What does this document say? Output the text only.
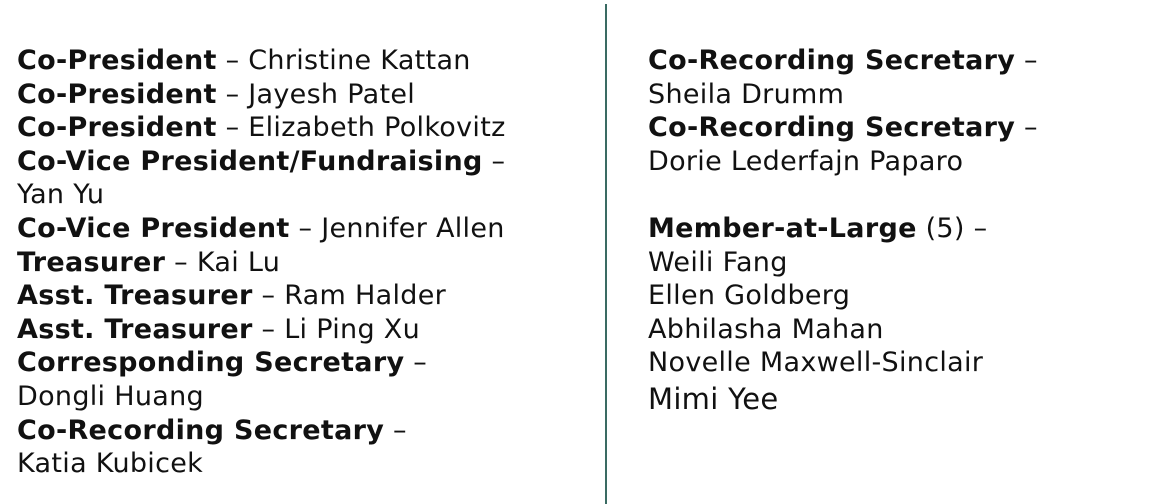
Co-President – Christine Kattan
Co-President – Jayesh Patel
Co-President – Elizabeth Polkovitz
Co-Vice President/Fundraising –
Yan Yu
Co-Vice President – Jennifer Allen
Treasurer – Kai Lu
Asst. Treasurer – Ram Halder
Asst. Treasurer – Li Ping Xu
Corresponding Secretary –
Dongli Huang
Co-Recording Secretary –
Katia Kubicek
Co-Recording Secretary –
Sheila Drumm
Co-Recording Secretary –
Dorie Lederfajn Paparo
Member-at-Large (5) –
Weili Fang
Ellen Goldberg
Abhilasha Mahan
Novelle Maxwell-Sinclair
Mimi Yee
